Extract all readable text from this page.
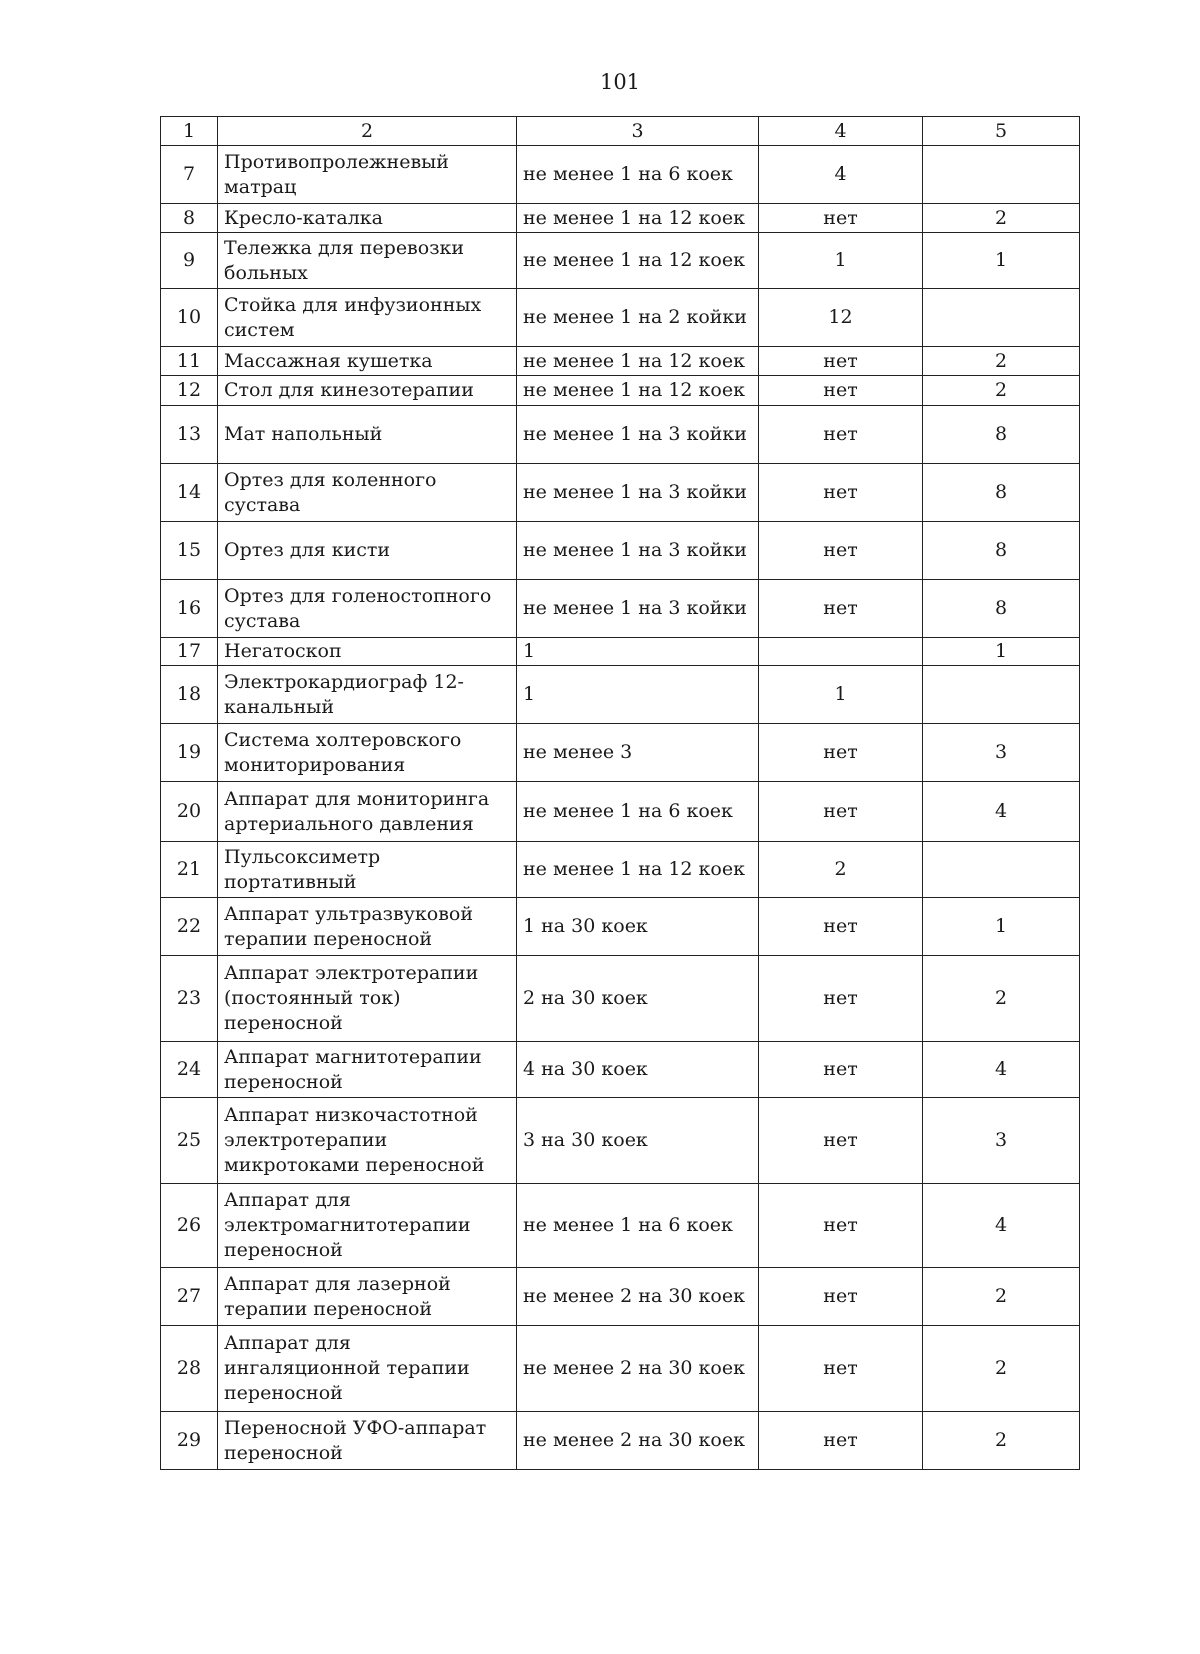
101
1	2	3	4	5
7	Противопролежневый матрац	не менее 1 на 6 коек	4	
8	Кресло-каталка	не менее 1 на 12 коек	нет	2
9	Тележка для перевозки больных	не менее 1 на 12 коек	1	1
10	Стойка для инфузионных систем	не менее 1 на 2 койки	12	
11	Массажная кушетка	не менее 1 на 12 коек	нет	2
12	Стол для кинезотерапии	не менее 1 на 12 коек	нет	2
13	Мат напольный	не менее 1 на 3 койки	нет	8
14	Ортез для коленного сустава	не менее 1 на 3 койки	нет	8
15	Ортез для кисти	не менее 1 на 3 койки	нет	8
16	Ортез для голеностопного сустава	не менее 1 на 3 койки	нет	8
17	Негатоскоп	1		1
18	Электрокардиограф 12-канальный	1	1	
19	Система холтеровского мониторирования	не менее 3	нет	3
20	Аппарат для мониторинга артериального давления	не менее 1 на 6 коек	нет	4
21	Пульсоксиметр портативный	не менее 1 на 12 коек	2	
22	Аппарат ультразвуковой терапии переносной	1 на 30 коек	нет	1
23	Аппарат электротерапии (постоянный ток) переносной	2 на 30 коек	нет	2
24	Аппарат магнитотерапии переносной	4 на 30 коек	нет	4
25	Аппарат низкочастотной электротерапии микротоками переносной	3 на 30 коек	нет	3
26	Аппарат для электромагнитотерапии переносной	не менее 1 на 6 коек	нет	4
27	Аппарат для лазерной терапии переносной	не менее 2 на 30 коек	нет	2
28	Аппарат для ингаляционной терапии переносной	не менее 2 на 30 коек	нет	2
29	Переносной УФО-аппарат переносной	не менее 2 на 30 коек	нет	2
